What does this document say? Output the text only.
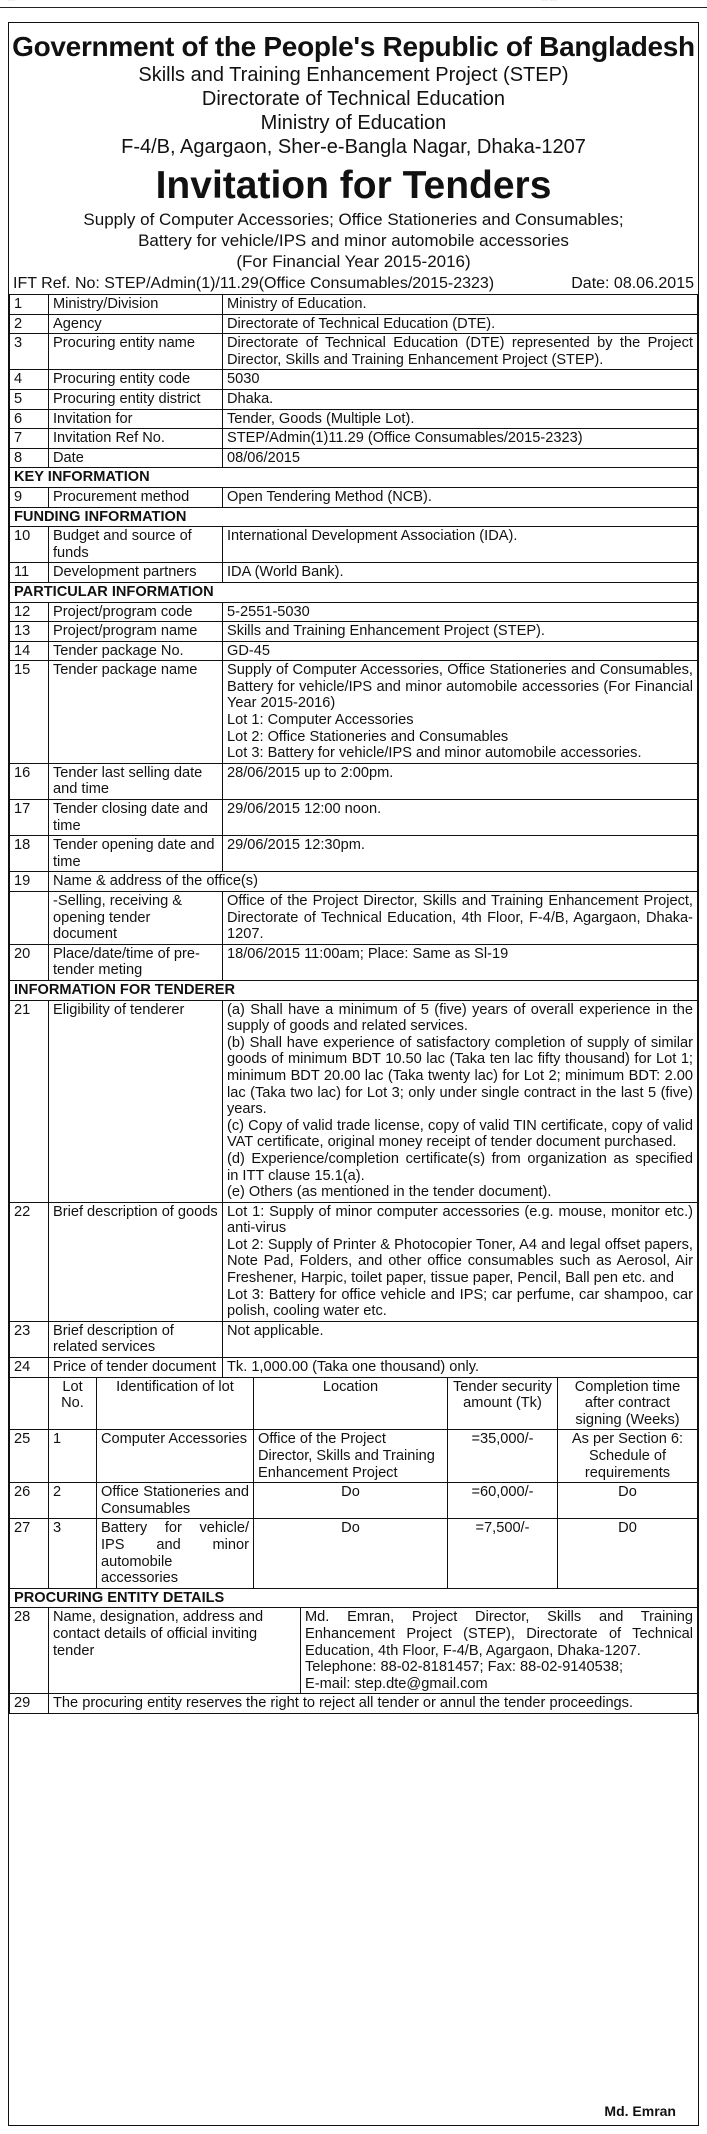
---	--- ---
Government of the People's Republic of Bangladesh
Skills and Training Enhancement Project (STEP)
Directorate of Technical Education
Ministry of Education
F-4/B, Agargaon, Sher-e-Bangla Nagar, Dhaka-1207
Invitation for Tenders
Supply of Computer Accessories; Office Stationeries and Consumables;
Battery for vehicle/IPS and minor automobile accessories
(For Financial Year 2015-2016)
IFT Ref. No: STEP/Admin(1)/11.29(Office Consumables/2015-2323)	Date: 08.06.2015
1	Ministry/Division	Ministry of Education.
2	Agency	Directorate of Technical Education (DTE).
3	Procuring entity name	Directorate of Technical Education (DTE) represented by the Project Director, Skills and Training Enhancement Project (STEP).
4	Procuring entity code	5030
5	Procuring entity district	Dhaka.
6	Invitation for	Tender, Goods (Multiple Lot).
7	Invitation Ref No.	STEP/Admin(1)11.29 (Office Consumables/2015-2323)
8	Date	08/06/2015
KEY INFORMATION		
9	Procurement method	Open Tendering Method (NCB).
FUNDING INFORMATION		
10	Budget and source of funds	International Development Association (IDA).
11	Development partners	IDA (World Bank).
PARTICULAR INFORMATION		
12	Project/program code	5-2551-5030
13	Project/program name	Skills and Training Enhancement Project (STEP).
14	Tender package No.	GD-45
15	Tender package name	Supply of Computer Accessories, Office Stationeries and Consumables, Battery for vehicle/IPS and minor automobile accessories (For Financial Year 2015-2016)
Lot 1: Computer Accessories
Lot 2: Office Stationeries and Consumables
Lot 3: Battery for vehicle/IPS and minor automobile accessories.

16	Tender last selling date and time	28/06/2015 up to 2:00pm.
17	Tender closing date and time	29/06/2015 12:00 noon.
18	Tender opening date and time	29/06/2015 12:30pm.
19	Name & address of the office(s)	
	-Selling, receiving & opening tender document	Office of the Project Director, Skills and Training Enhancement Project, Directorate of Technical Education, 4th Floor, F-4/B, Agargaon, Dhaka-1207.
20	Place/date/time of pre-tender meting	18/06/2015 11:00am; Place: Same as Sl-19
INFORMATION FOR TENDERER		
21	Eligibility of tenderer	(a) Shall have a minimum of 5 (five) years of overall experience in the supply of goods and related services.
(b) Shall have experience of satisfactory completion of supply of similar goods of minimum BDT 10.50 lac (Taka ten lac fifty thousand) for Lot 1; minimum BDT 20.00 lac (Taka twenty lac) for Lot 2; minimum BDT: 2.00 lac (Taka two lac) for Lot 3; only under single contract in the last 5 (five) years.
(c) Copy of valid trade license, copy of valid TIN certificate, copy of valid VAT certificate, original money receipt of tender document purchased.
(d) Experience/completion certificate(s) from organization as specified in ITT clause 15.1(a).
(e) Others (as mentioned in the tender document).

22	Brief description of goods	Lot 1: Supply of minor computer accessories (e.g. mouse, monitor etc.) anti-virus
Lot 2: Supply of Printer & Photocopier Toner, A4 and legal offset papers, Note Pad, Folders, and other office consumables such as Aerosol, Air Freshener, Harpic, toilet paper, tissue paper, Pencil, Ball pen etc. and
Lot 3: Battery for office vehicle and IPS; car perfume, car shampoo, car polish, cooling water etc.

23	Brief description of related services	Not applicable.
24	Price of tender document	Tk. 1,000.00 (Taka one thousand) only.
	Lot No.	Identification of lot	Location	Tender security amount (Tk)	Completion time after contract signing (Weeks)
25	1	Computer Accessories	Office of the Project Director, Skills and Training Enhancement Project	=35,000/-	As per Section 6: Schedule of requirements
26	2	Office Stationeries and Consumables	Do	=60,000/-	Do
27	3	Battery for vehicle/ IPS and minor automobile accessories	Do	=7,500/-	D0
PROCURING ENTITY DETAILS		
28	Name, designation, address and contact details of official inviting tender	Md. Emran, Project Director, Skills and Training Enhancement Project (STEP), Directorate of Technical Education, 4th Floor, F-4/B, Agargaon, Dhaka-1207.
Telephone: 88-02-8181457; Fax: 88-02-9140538;
E-mail: step.dte@gmail.com

29	The procuring entity reserves the right to reject all tender or annul the tender proceedings.	
Md. Emran
